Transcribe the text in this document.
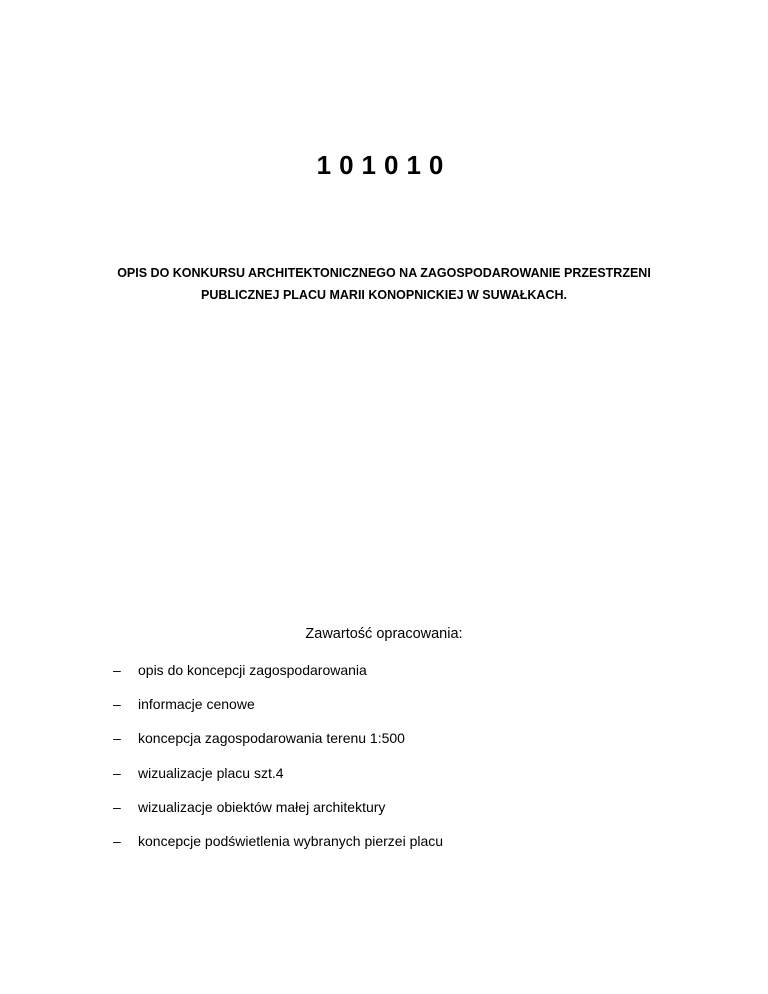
101010
OPIS DO KONKURSU ARCHITEKTONICZNEGO NA ZAGOSPODAROWANIE PRZESTRZENI
PUBLICZNEJ PLACU MARII KONOPNICKIEJ W SUWAŁKACH.
Zawartość opracowania:
–	opis do koncepcji zagospodarowania
–	informacje cenowe
–	koncepcja zagospodarowania terenu 1:500
–	wizualizacje placu szt.4
–	wizualizacje obiektów małej architektury
–	koncepcje podświetlenia wybranych pierzei placu
